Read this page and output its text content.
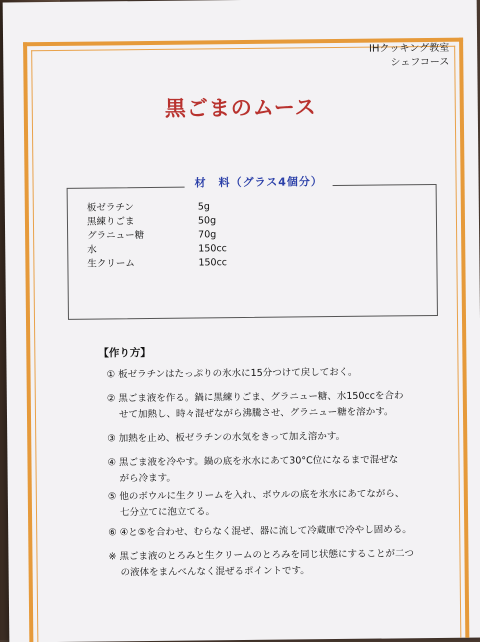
IHクッキング教室
シェフコース
黒ごまのムース
材　料（グラス4個分）
板ゼラチン	5g
黒練りごま	50g
グラニュー糖	70g
水	150cc
生クリーム	150cc
【作り方】
① 板ゼラチンはたっぷりの氷水に15分つけて戻しておく。
② 黒ごま液を作る。鍋に黒練りごま、グラニュー糖、水150ccを合わ
せて加熱し、時々混ぜながら沸騰させ、グラニュー糖を溶かす。
③ 加熱を止め、板ゼラチンの水気をきって加え溶かす。
④ 黒ごま液を冷やす。鍋の底を氷水にあて30°C位になるまで混ぜな
がら冷ます。
⑤ 他のボウルに生クリームを入れ、ボウルの底を氷水にあてながら、
七分立てに泡立てる。
⑥ ④と⑤を合わせ、むらなく混ぜ、器に流して冷蔵庫で冷やし固める。
※ 黒ごま液のとろみと生クリームのとろみを同じ状態にすることが二つ
の液体をまんべんなく混ぜるポイントです。
